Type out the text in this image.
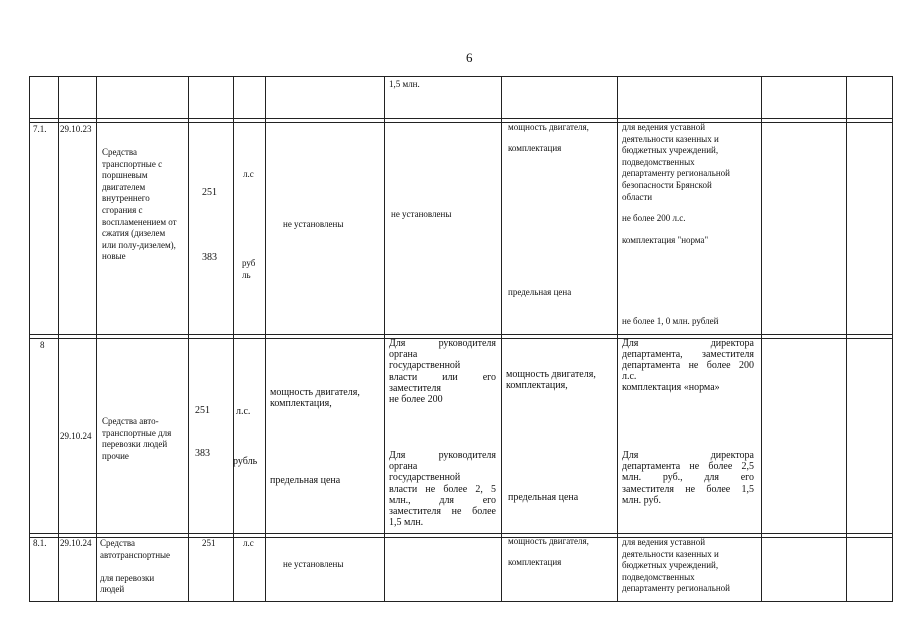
6
1,5 млн.
7.1. 29.10.23
Средства
транспортные с
поршневым
двигателем
внутреннего
сгорания с
воспламенением от
сжатия (дизелем
или полу-дизелем),
новые
251
383
л.с
руб
ль
не установлены
не установлены
мощность двигателя,
комплектация
предельная цена
для ведения уставной
деятельности казенных и
бюджетных учреждений,
подведомственных
департаменту региональной
безопасности Брянской
области
не более 200 л.с.
комплектация "норма"
не более 1, 0 млн. рублей
8
29.10.24
Средства авто-
транспортные для
перевозки людей
прочие
251
383
л.с.
рубль
мощность двигателя,
комплектация,
предельная цена
Для руководителя
органа
государственной
власти или его
заместителя
не более 200
Для руководителя
органа
государственной
власти не более 2, 5
млн., для его
заместителя не более
1,5 млн.
мощность двигателя,
комплектация,
предельная цена
Для директора
департамента, заместителя
департамента не более 200
л.с.
комплектация «норма»
Для директора
департамента не более 2,5
млн. руб., для его
заместителя не более 1,5
млн. руб.
8.1. 29.10.24 Средства
автотранспортные

для перевозки
людей
251	л.с
не установлены
мощность двигателя,
комплектация
для ведения уставной
деятельности казенных и
бюджетных учреждений,
подведомственных
департаменту региональной
